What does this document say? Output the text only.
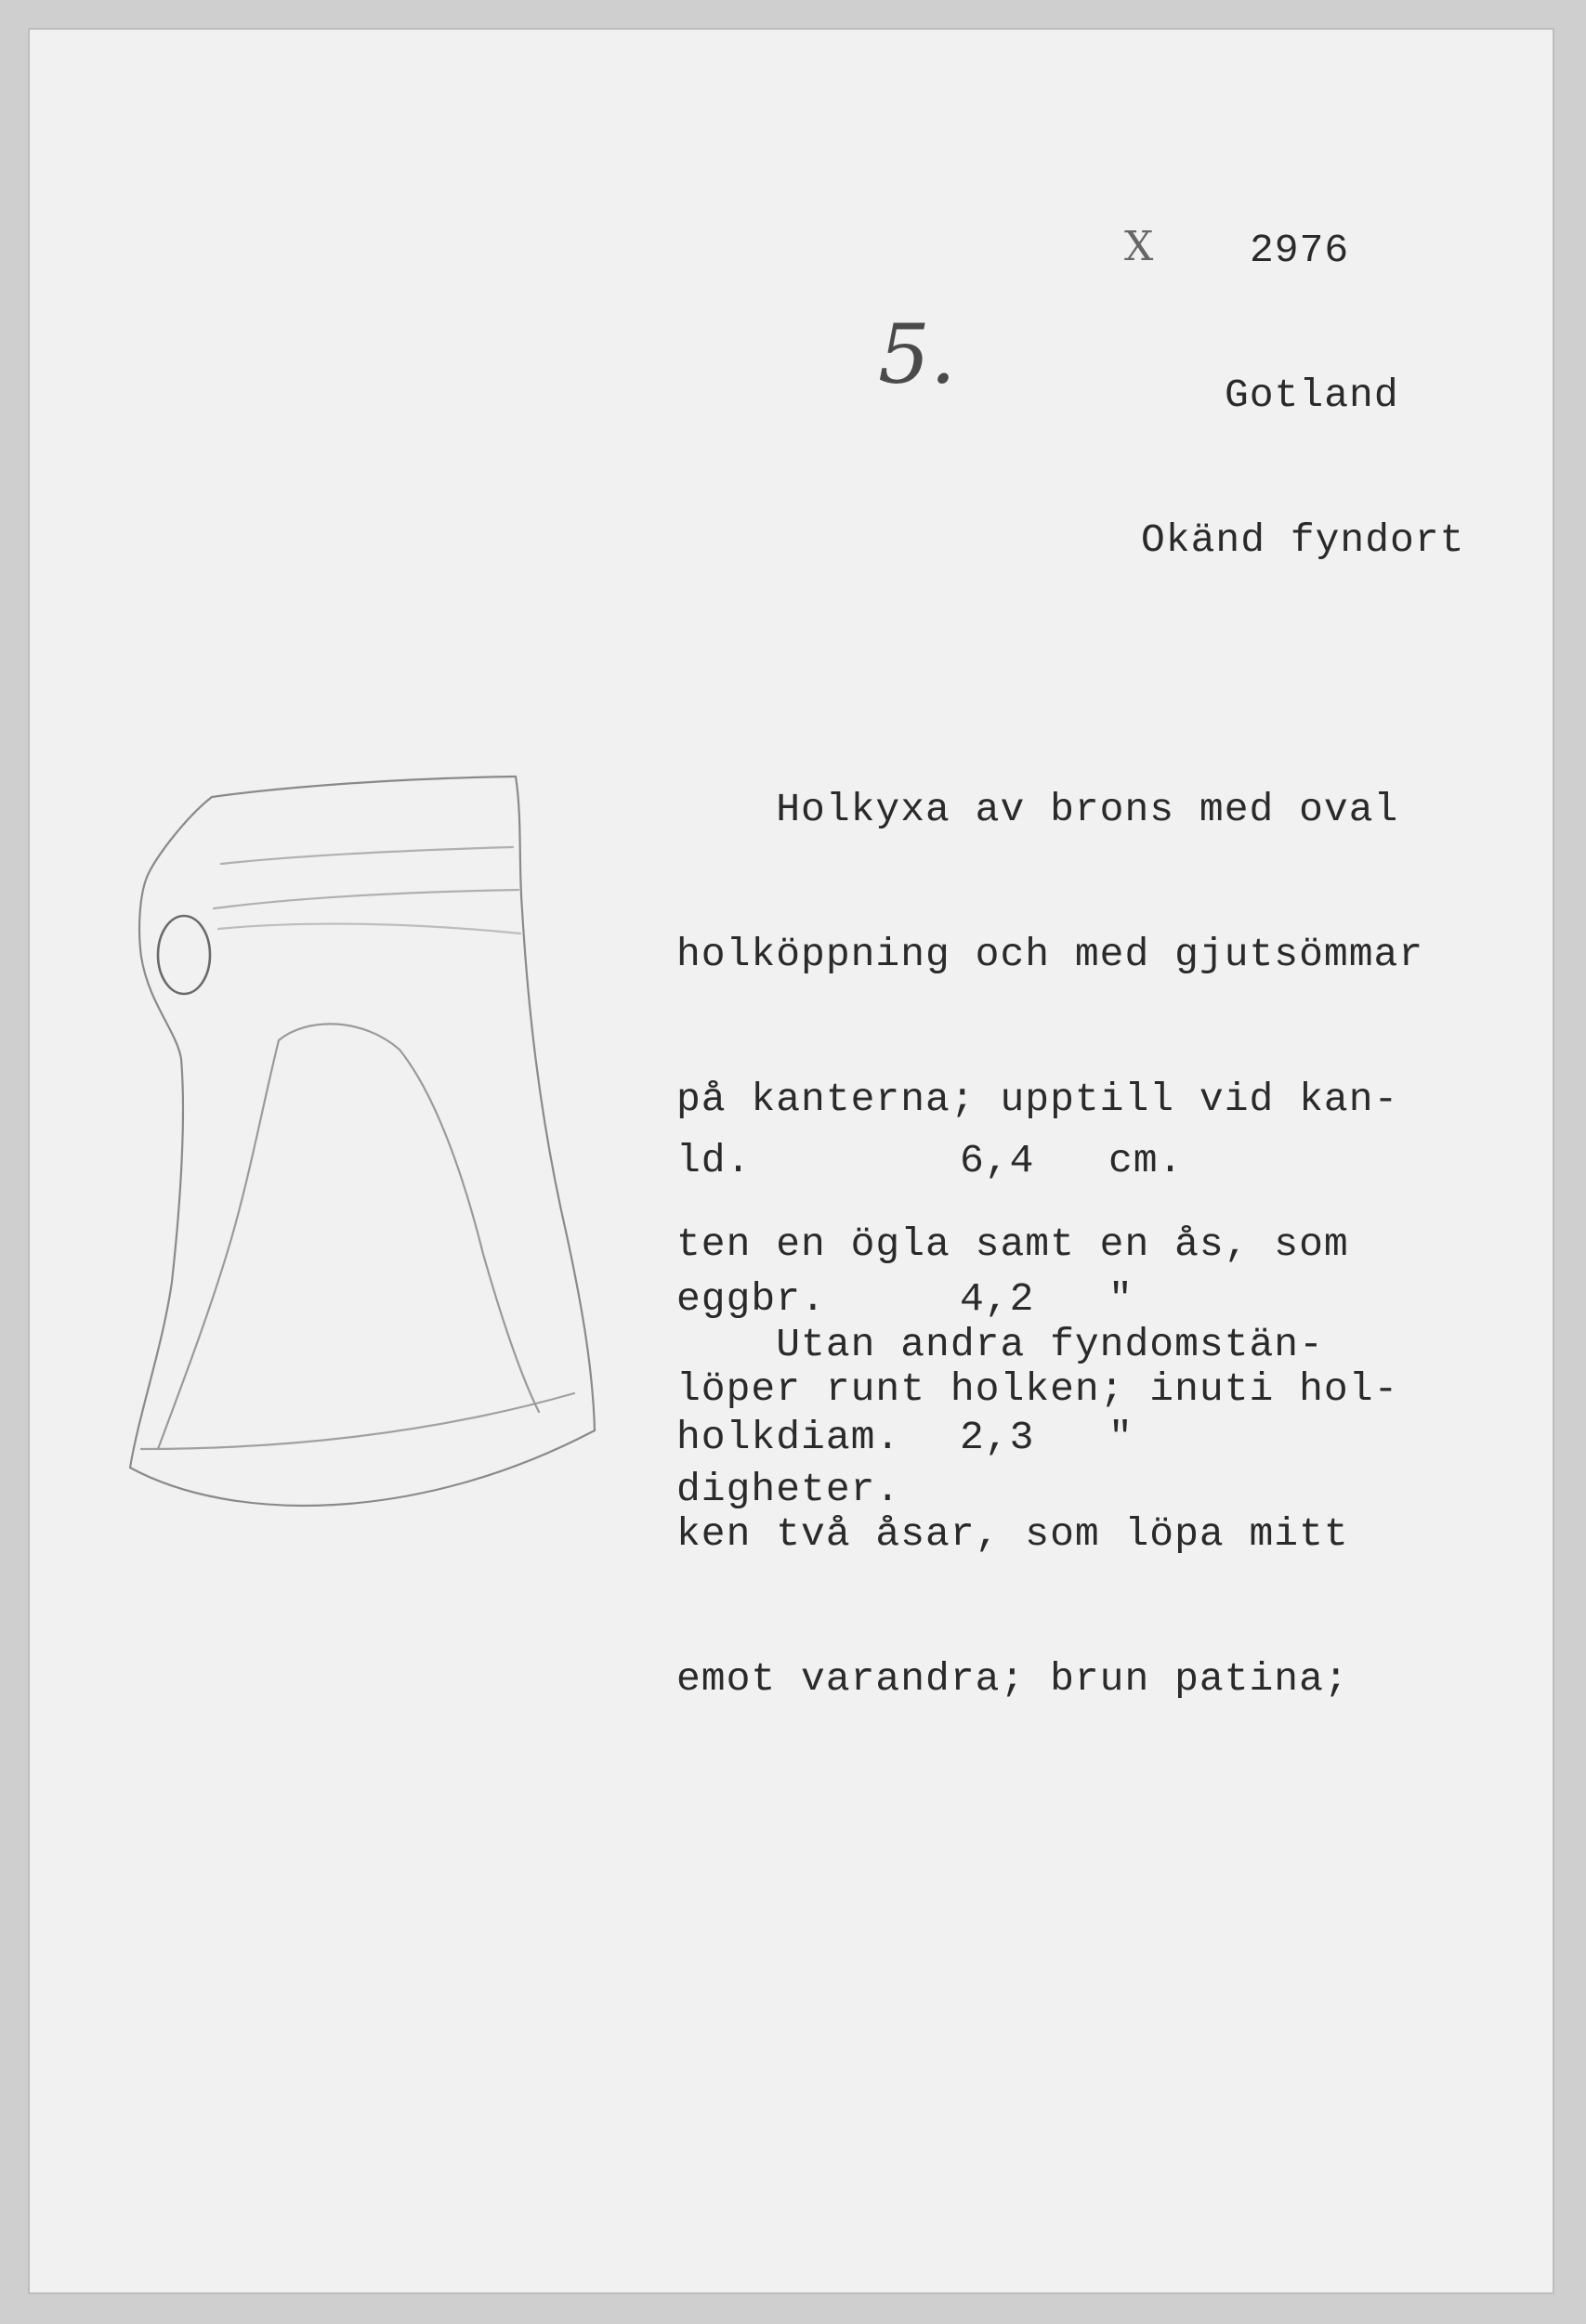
X

2976

Gotland

Okänd fyndort

5.

Holkyxa av brons med oval

holköppning och med gjutsömmar

på kanterna; upptill vid kan-

ten en ögla samt en ås, som

löper runt holken; inuti hol-

ken två åsar, som löpa mitt

emot varandra; brun patina;

ld.	6,4	cm.

eggbr.	4,2	"

holkdiam.	2,3	"

Utan andra fyndomstän-

digheter.
